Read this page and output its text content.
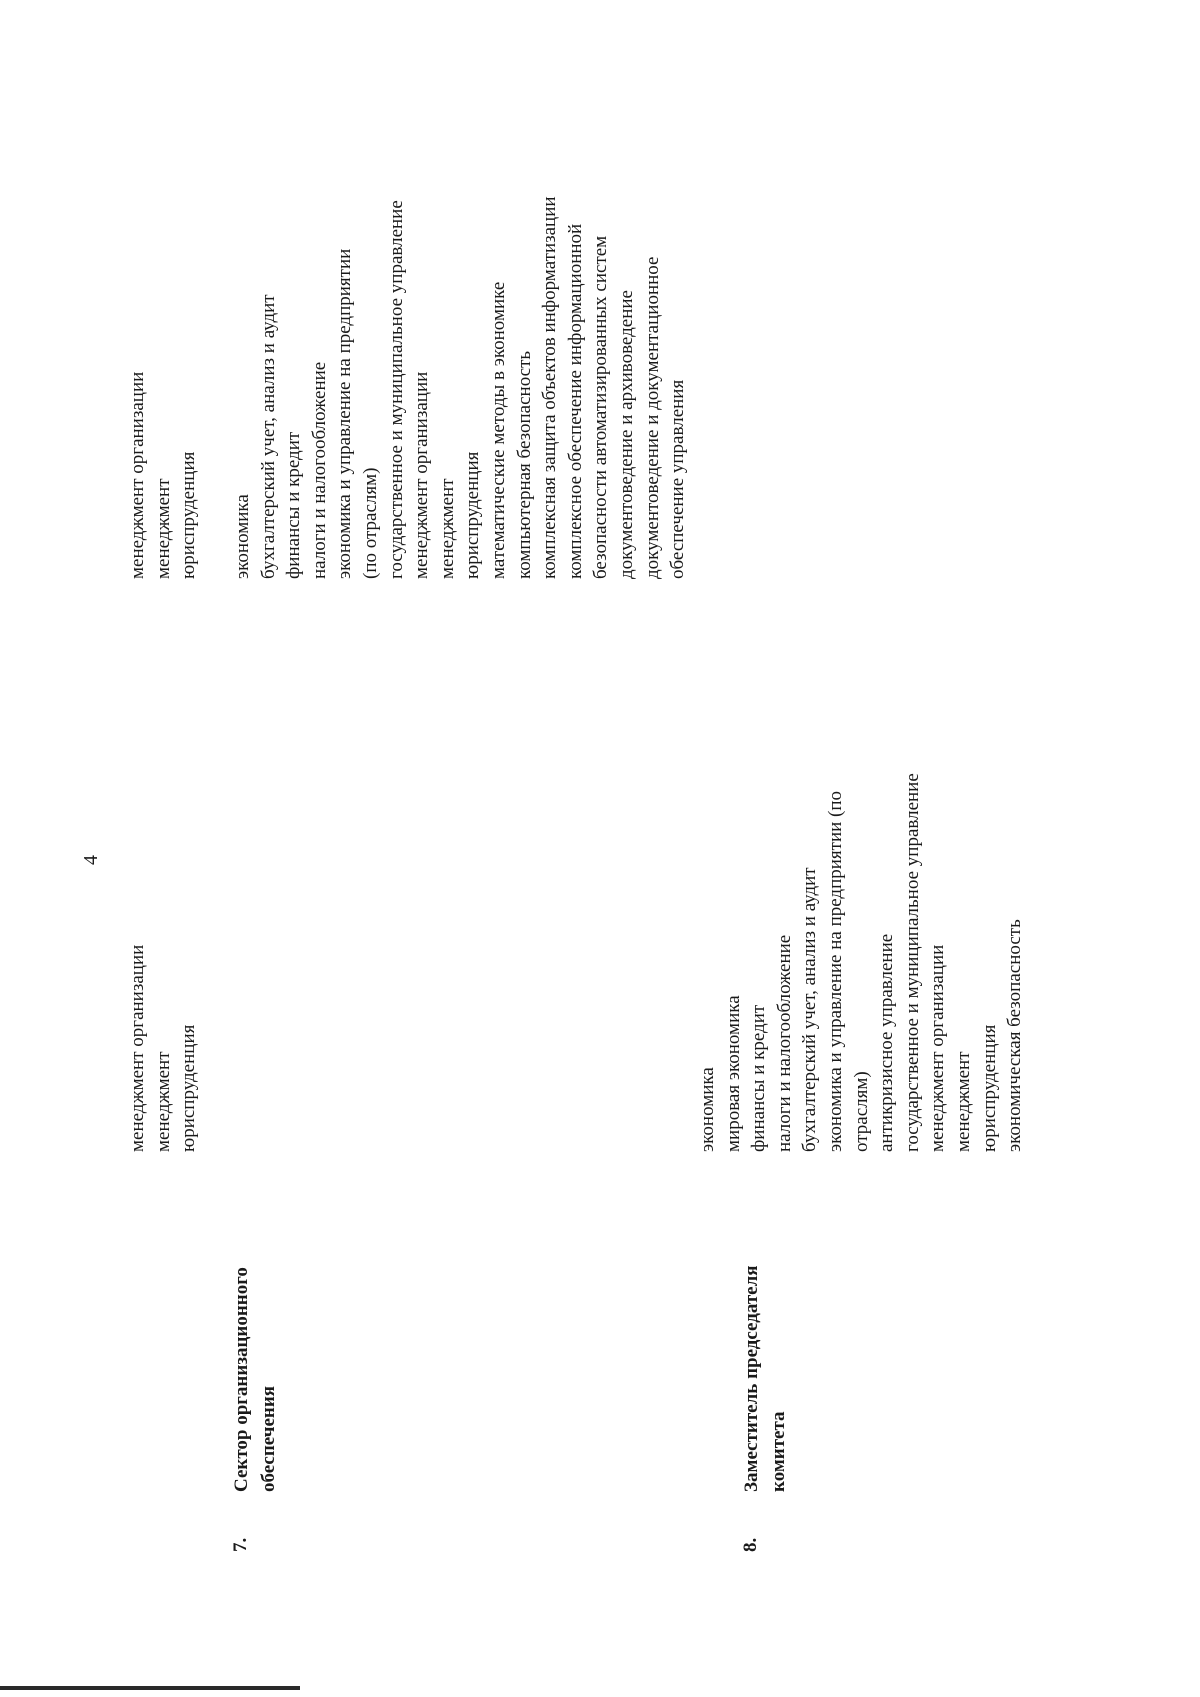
4
менеджмент организации менеджмент юриспруденция
менеджмент организации менеджмент юриспруденция
7.
Сектор организационного обеспечения
экономика бухгалтерский учет, анализ и аудит финансы и кредит налоги и налогообложение экономика и управление на предприятии (по отраслям) государственное и муниципальное управление менеджмент организации менеджмент юриспруденция математические методы в экономике компьютерная безопасность комплексная защита объектов информатизации комплексное обеспечение информационной безопасности автоматизированных систем документоведение и архивоведение документоведение и документационное обеспечение управления
8.
Заместитель председателя комитета
экономика мировая экономика финансы и кредит налоги и налогообложение бухгалтерский учет, анализ и аудит экономика и управление на предприятии (по отраслям) антикризисное управление государственное и муниципальное управление менеджмент организации менеджмент юриспруденция экономическая безопасность
